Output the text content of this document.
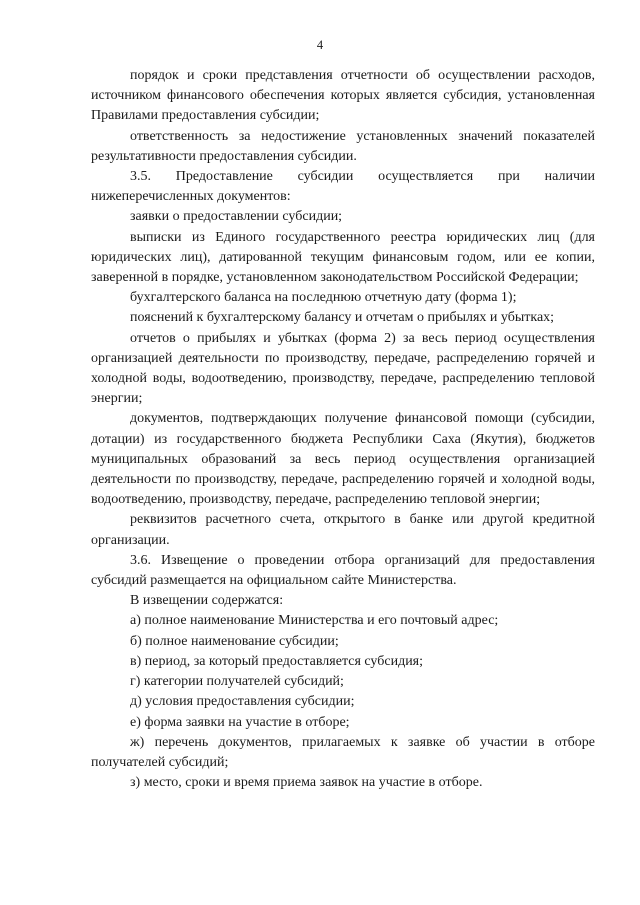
4

порядок и сроки представления отчетности об осуществлении расходов, источником финансового обеспечения которых является субсидия, установленная Правилами предоставления субсидии;

ответственность за недостижение установленных значений показателей результативности предоставления субсидии.

3.5. Предоставление субсидии осуществляется при наличии нижеперечисленных документов:

заявки о предоставлении субсидии;

выписки из Единого государственного реестра юридических лиц (для юридических лиц), датированной текущим финансовым годом, или ее копии, заверенной в порядке, установленном законодательством Российской Федерации;

бухгалтерского баланса на последнюю отчетную дату (форма 1);

пояснений к бухгалтерскому балансу и отчетам о прибылях и убытках;

отчетов о прибылях и убытках (форма 2) за весь период осуществления организацией деятельности по производству, передаче, распределению горячей и холодной воды, водоотведению, производству, передаче, распределению тепловой энергии;

документов, подтверждающих получение финансовой помощи (субсидии, дотации) из государственного бюджета Республики Саха (Якутия), бюджетов муниципальных образований за весь период осуществления организацией деятельности по производству, передаче, распределению горячей и холодной воды, водоотведению, производству, передаче, распределению тепловой энергии;

реквизитов расчетного счета, открытого в банке или другой кредитной организации.

3.6. Извещение о проведении отбора организаций для предоставления субсидий размещается на официальном сайте Министерства.

В извещении содержатся:

а) полное наименование Министерства и его почтовый адрес;

б) полное наименование субсидии;

в) период, за который предоставляется субсидия;

г) категории получателей субсидий;

д) условия предоставления субсидии;

е) форма заявки на участие в отборе;

ж) перечень документов, прилагаемых к заявке об участии в отборе получателей субсидий;

з) место, сроки и время приема заявок на участие в отборе.
